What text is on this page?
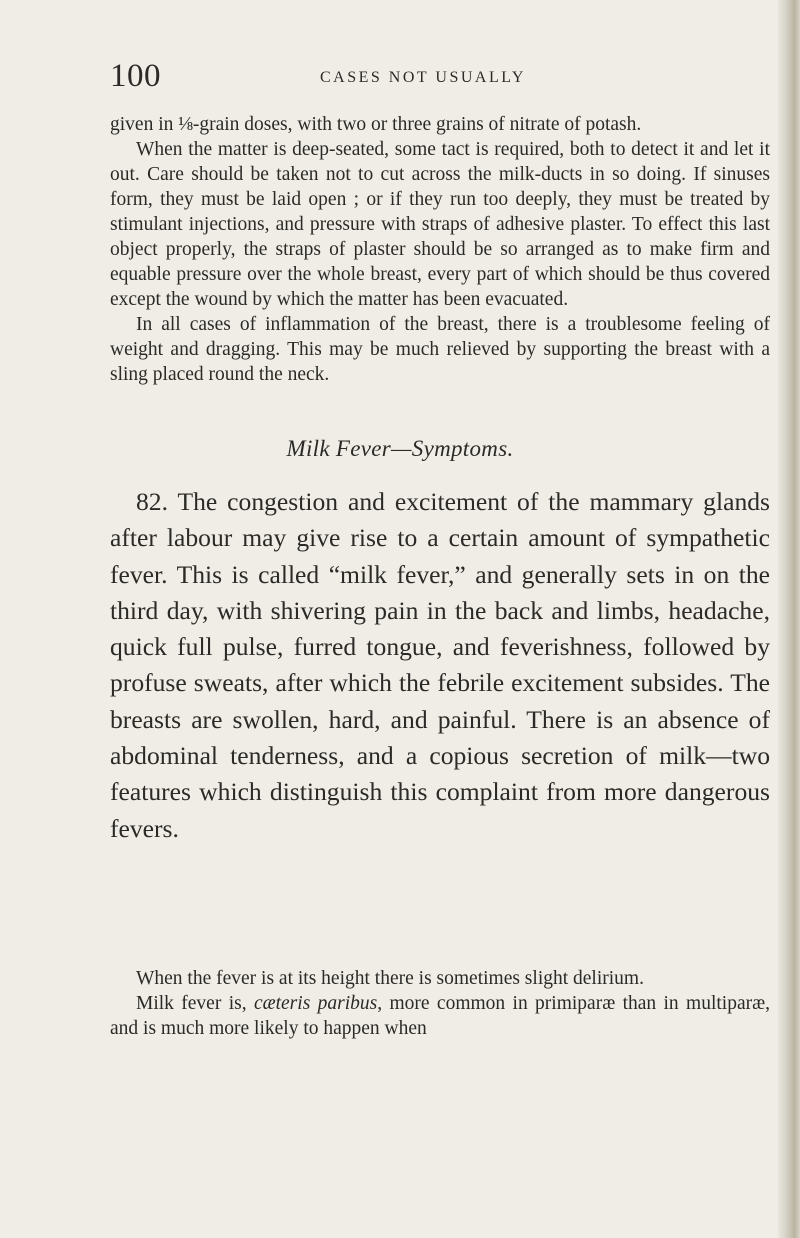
100	CASES NOT USUALLY

given in ⅛-grain doses, with two or three grains of nitrate of potash.

When the matter is deep-seated, some tact is required, both to detect it and let it out. Care should be taken not to cut across the milk-ducts in so doing. If sinuses form, they must be laid open ; or if they run too deeply, they must be treated by stimulant injections, and pressure with straps of adhesive plaster. To effect this last object properly, the straps of plaster should be so arranged as to make firm and equable pressure over the whole breast, every part of which should be thus covered except the wound by which the matter has been evacuated.

In all cases of inflammation of the breast, there is a troublesome feeling of weight and dragging. This may be much relieved by supporting the breast with a sling placed round the neck.

Milk Fever—Symptoms.

82. The congestion and excitement of the mammary glands after labour may give rise to a certain amount of sympathetic fever. This is called “milk fever,” and generally sets in on the third day, with shivering pain in the back and limbs, headache, quick full pulse, furred tongue, and feverishness, followed by profuse sweats, after which the febrile excitement subsides. The breasts are swollen, hard, and painful. There is an absence of abdominal tenderness, and a copious secretion of milk—two features which distinguish this complaint from more dangerous fevers.

When the fever is at its height there is sometimes slight delirium.

Milk fever is, cæteris paribus, more common in primiparæ than in multiparæ, and is much more likely to happen when
